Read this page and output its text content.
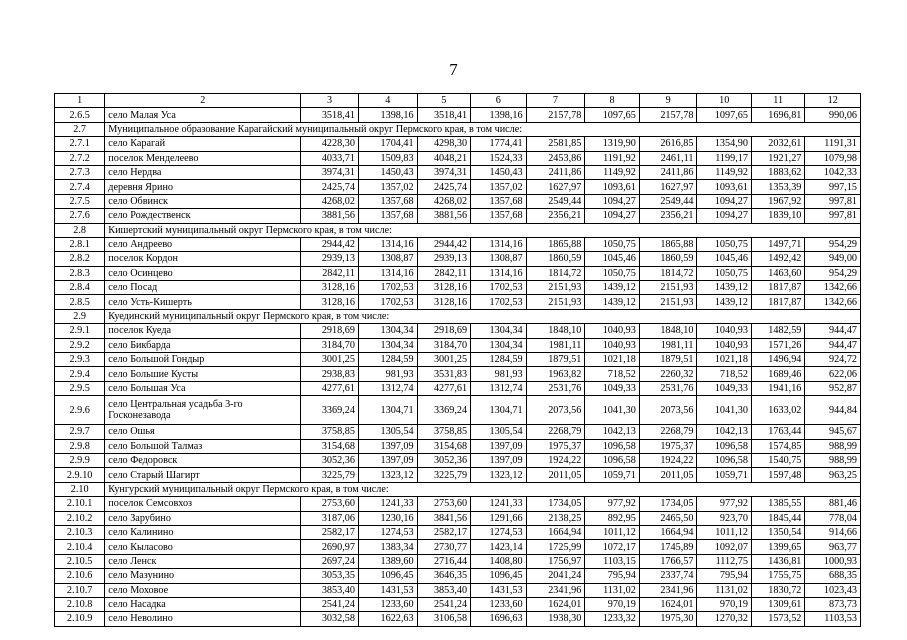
7
1	2	3	4	5	6	7	8	9	10	11	12
2.6.5	село Малая Уса	3518,41	1398,16	3518,41	1398,16	2157,78	1097,65	2157,78	1097,65	1696,81	990,06
2.7	Муниципальное образование Карагайский муниципальный округ Пермского края, в том числе:										
2.7.1	село Карагай	4228,30	1704,41	4298,30	1774,41	2581,85	1319,90	2616,85	1354,90	2032,61	1191,31
2.7.2	поселок Менделеево	4033,71	1509,83	4048,21	1524,33	2453,86	1191,92	2461,11	1199,17	1921,27	1079,98
2.7.3	село Нердва	3974,31	1450,43	3974,31	1450,43	2411,86	1149,92	2411,86	1149,92	1883,62	1042,33
2.7.4	деревня Ярино	2425,74	1357,02	2425,74	1357,02	1627,97	1093,61	1627,97	1093,61	1353,39	997,15
2.7.5	село Обвинск	4268,02	1357,68	4268,02	1357,68	2549,44	1094,27	2549,44	1094,27	1967,92	997,81
2.7.6	село Рождественск	3881,56	1357,68	3881,56	1357,68	2356,21	1094,27	2356,21	1094,27	1839,10	997,81
2.8	Кишертский муниципальный округ Пермского края, в том числе:										
2.8.1	село Андреево	2944,42	1314,16	2944,42	1314,16	1865,88	1050,75	1865,88	1050,75	1497,71	954,29
2.8.2	поселок Кордон	2939,13	1308,87	2939,13	1308,87	1860,59	1045,46	1860,59	1045,46	1492,42	949,00
2.8.3	село Осинцево	2842,11	1314,16	2842,11	1314,16	1814,72	1050,75	1814,72	1050,75	1463,60	954,29
2.8.4	село Посад	3128,16	1702,53	3128,16	1702,53	2151,93	1439,12	2151,93	1439,12	1817,87	1342,66
2.8.5	село Усть-Кишерть	3128,16	1702,53	3128,16	1702,53	2151,93	1439,12	2151,93	1439,12	1817,87	1342,66
2.9	Куединский муниципальный округ Пермского края, в том числе:										
2.9.1	поселок Куеда	2918,69	1304,34	2918,69	1304,34	1848,10	1040,93	1848,10	1040,93	1482,59	944,47
2.9.2	село Бикбарда	3184,70	1304,34	3184,70	1304,34	1981,11	1040,93	1981,11	1040,93	1571,26	944,47
2.9.3	село Большой Гондыр	3001,25	1284,59	3001,25	1284,59	1879,51	1021,18	1879,51	1021,18	1496,94	924,72
2.9.4	село Большие Кусты	2938,83	981,93	3531,83	981,93	1963,82	718,52	2260,32	718,52	1689,46	622,06
2.9.5	село Большая Уса	4277,61	1312,74	4277,61	1312,74	2531,76	1049,33	2531,76	1049,33	1941,16	952,87
2.9.6	село Центральная усадьба 3-го Госконезавода	3369,24	1304,71	3369,24	1304,71	2073,56	1041,30	2073,56	1041,30	1633,02	944,84
2.9.7	село Ошья	3758,85	1305,54	3758,85	1305,54	2268,79	1042,13	2268,79	1042,13	1763,44	945,67
2.9.8	село Большой Талмаз	3154,68	1397,09	3154,68	1397,09	1975,37	1096,58	1975,37	1096,58	1574,85	988,99
2.9.9	село Федоровск	3052,36	1397,09	3052,36	1397,09	1924,22	1096,58	1924,22	1096,58	1540,75	988,99
2.9.10	село Старый Шагирт	3225,79	1323,12	3225,79	1323,12	2011,05	1059,71	2011,05	1059,71	1597,48	963,25
2.10	Кунгурский муниципальный округ Пермского края, в том числе:										
2.10.1	поселок Семсовхоз	2753,60	1241,33	2753,60	1241,33	1734,05	977,92	1734,05	977,92	1385,55	881,46
2.10.2	село Зарубино	3187,06	1230,16	3841,56	1291,66	2138,25	892,95	2465,50	923,70	1845,44	778,04
2.10.3	село Калинино	2582,17	1274,53	2582,17	1274,53	1664,94	1011,12	1664,94	1011,12	1350,54	914,66
2.10.4	село Кыласово	2690,97	1383,34	2730,77	1423,14	1725,99	1072,17	1745,89	1092,07	1399,65	963,77
2.10.5	село Ленск	2697,24	1389,60	2716,44	1408,80	1756,97	1103,15	1766,57	1112,75	1436,81	1000,93
2.10.6	село Мазунино	3053,35	1096,45	3646,35	1096,45	2041,24	795,94	2337,74	795,94	1755,75	688,35
2.10.7	село Моховое	3853,40	1431,53	3853,40	1431,53	2341,96	1131,02	2341,96	1131,02	1830,72	1023,43
2.10.8	село Насадка	2541,24	1233,60	2541,24	1233,60	1624,01	970,19	1624,01	970,19	1309,61	873,73
2.10.9	село Неволино	3032,58	1622,63	3106,58	1696,63	1938,30	1233,32	1975,30	1270,32	1573,52	1103,53
